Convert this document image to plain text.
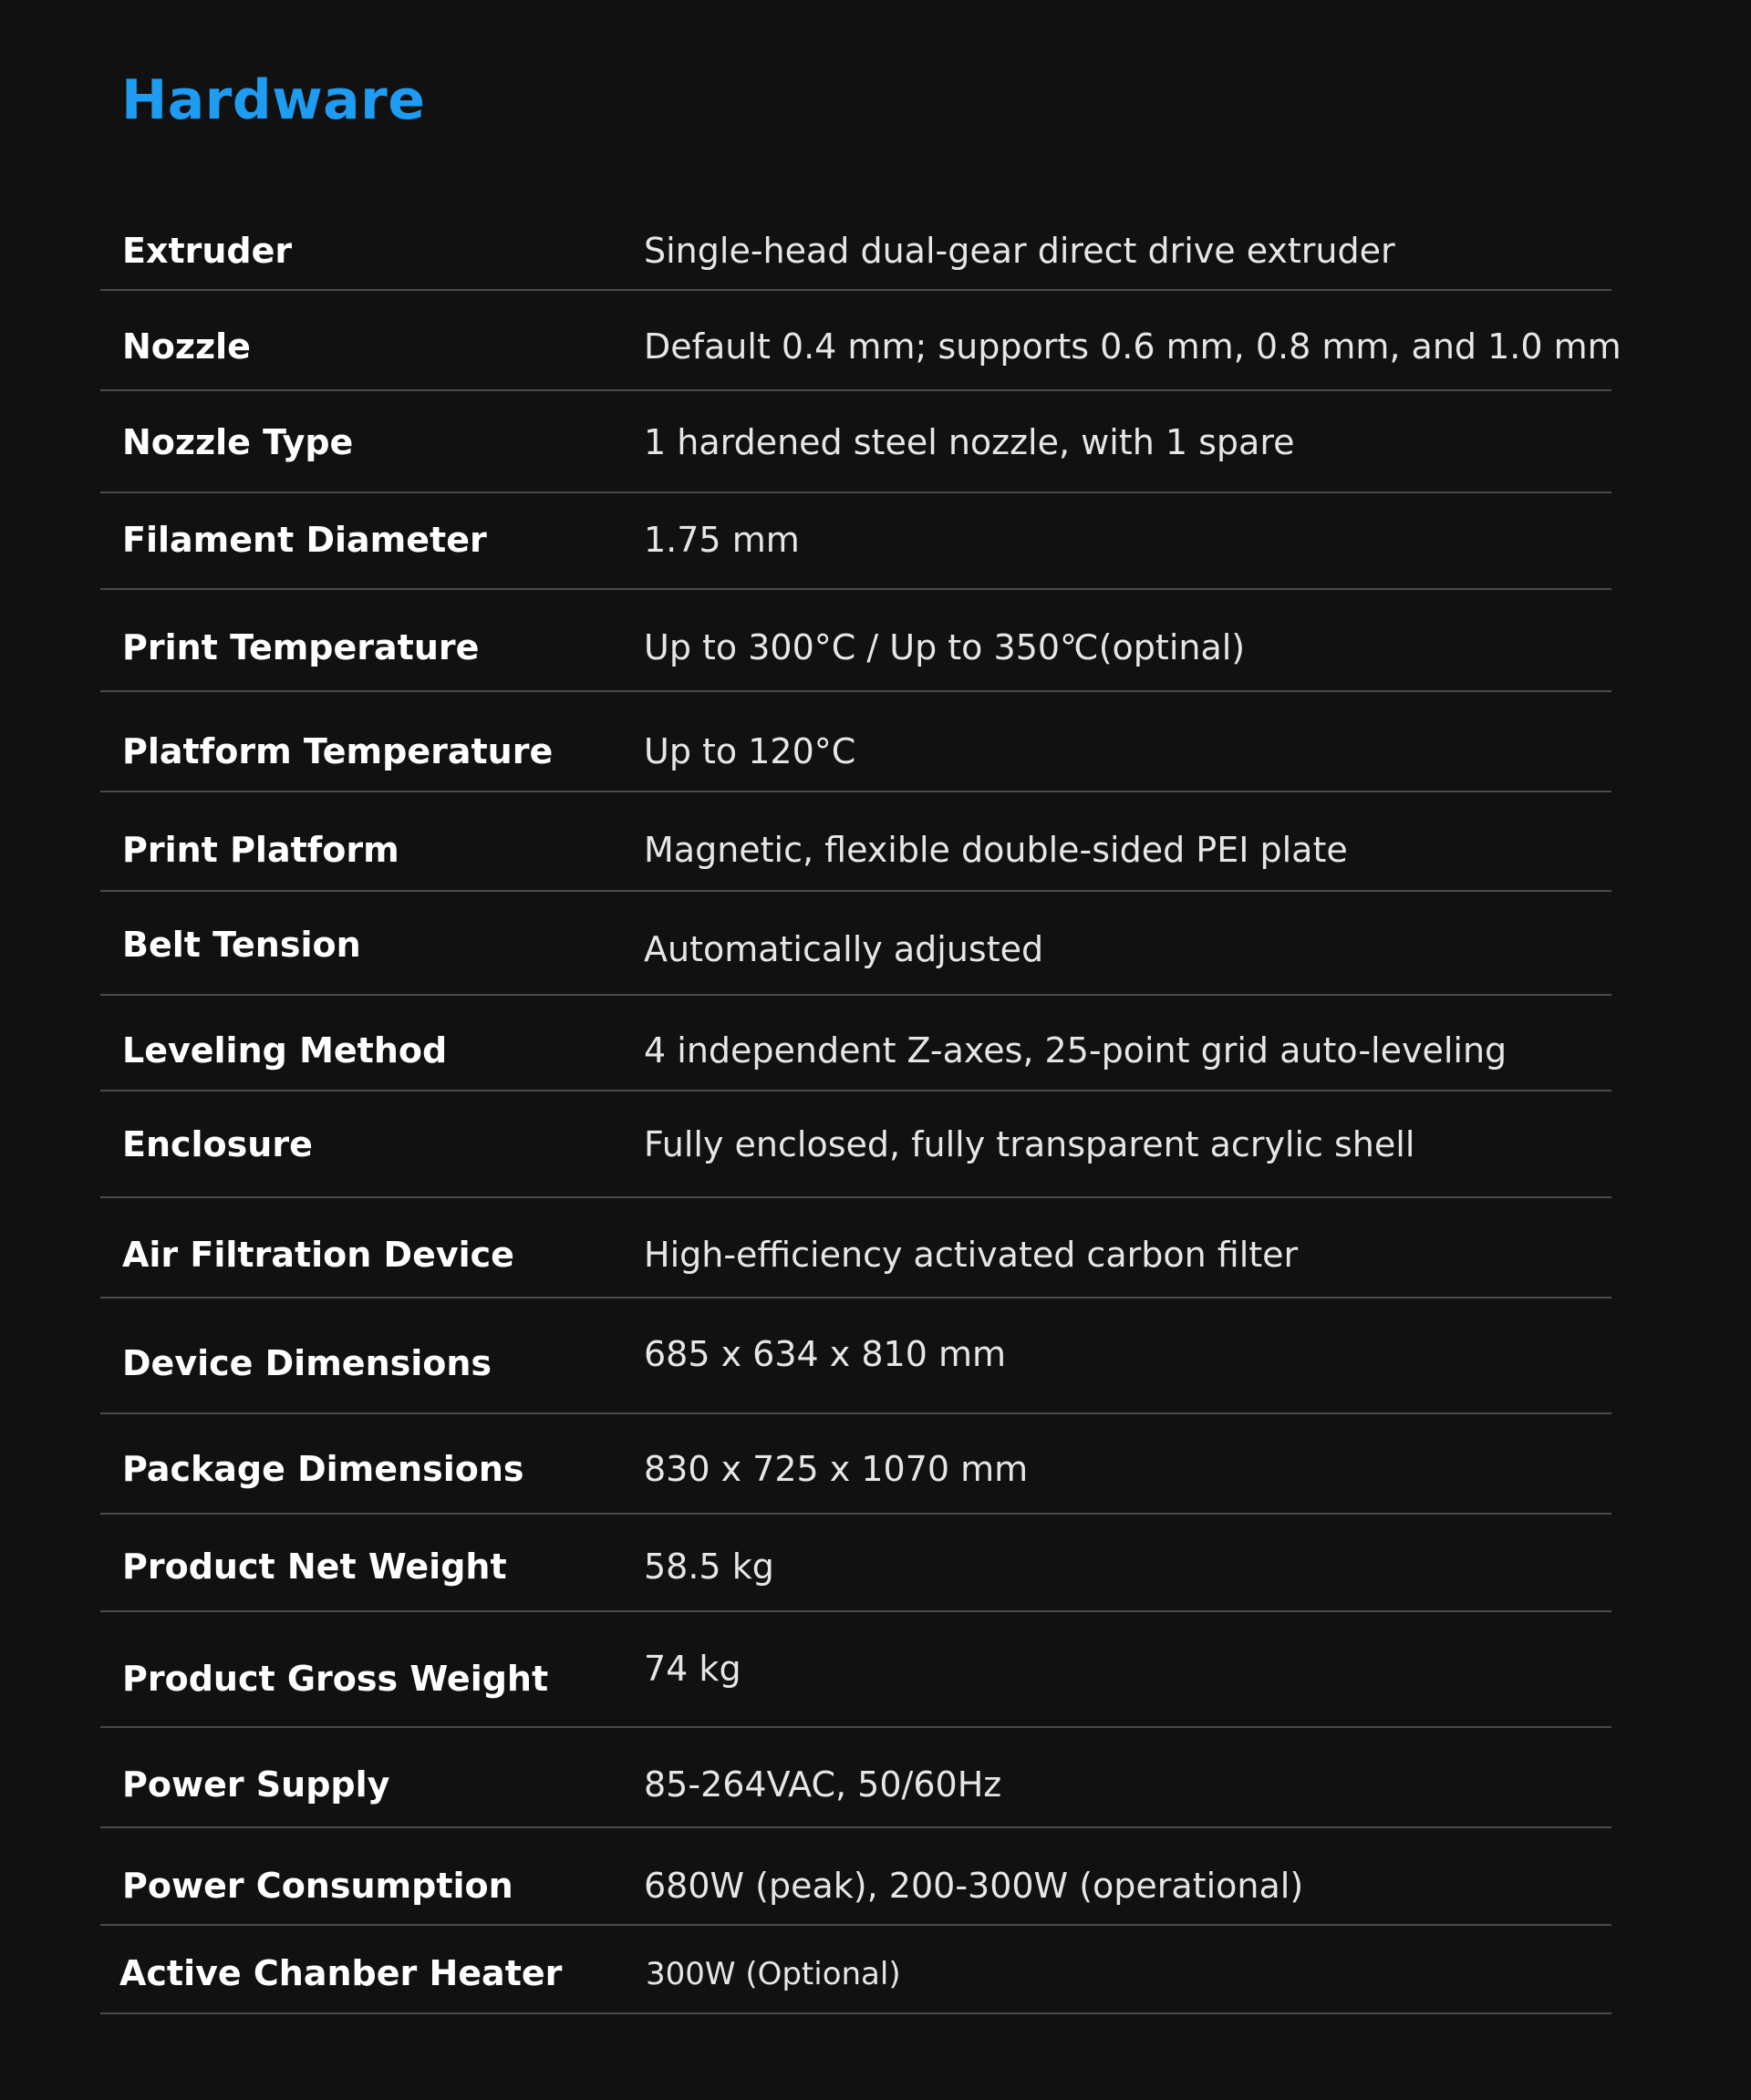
Hardware
Extruder	Single-head dual-gear direct drive extruder
Nozzle	Default 0.4 mm; supports 0.6 mm, 0.8 mm, and 1.0 mm
Nozzle Type	1 hardened steel nozzle, with 1 spare
Filament Diameter	1.75 mm
Print Temperature	Up to 300°C / Up to 350℃(optinal)
Platform Temperature	Up to 120°C
Print Platform	Magnetic, flexible double-sided PEI plate
Belt Tension	Automatically adjusted
Leveling Method	4 independent Z-axes, 25-point grid auto-leveling
Enclosure	Fully enclosed, fully transparent acrylic shell
Air Filtration Device	High-efficiency activated carbon filter
Device Dimensions	685 x 634 x 810 mm
Package Dimensions	830 x 725 x 1070 mm
Product Net Weight	58.5 kg
Product Gross Weight	74 kg
Power Supply	85-264VAC, 50/60Hz
Power Consumption	680W (peak), 200-300W (operational)
Active Chanber Heater	300W (Optional)
